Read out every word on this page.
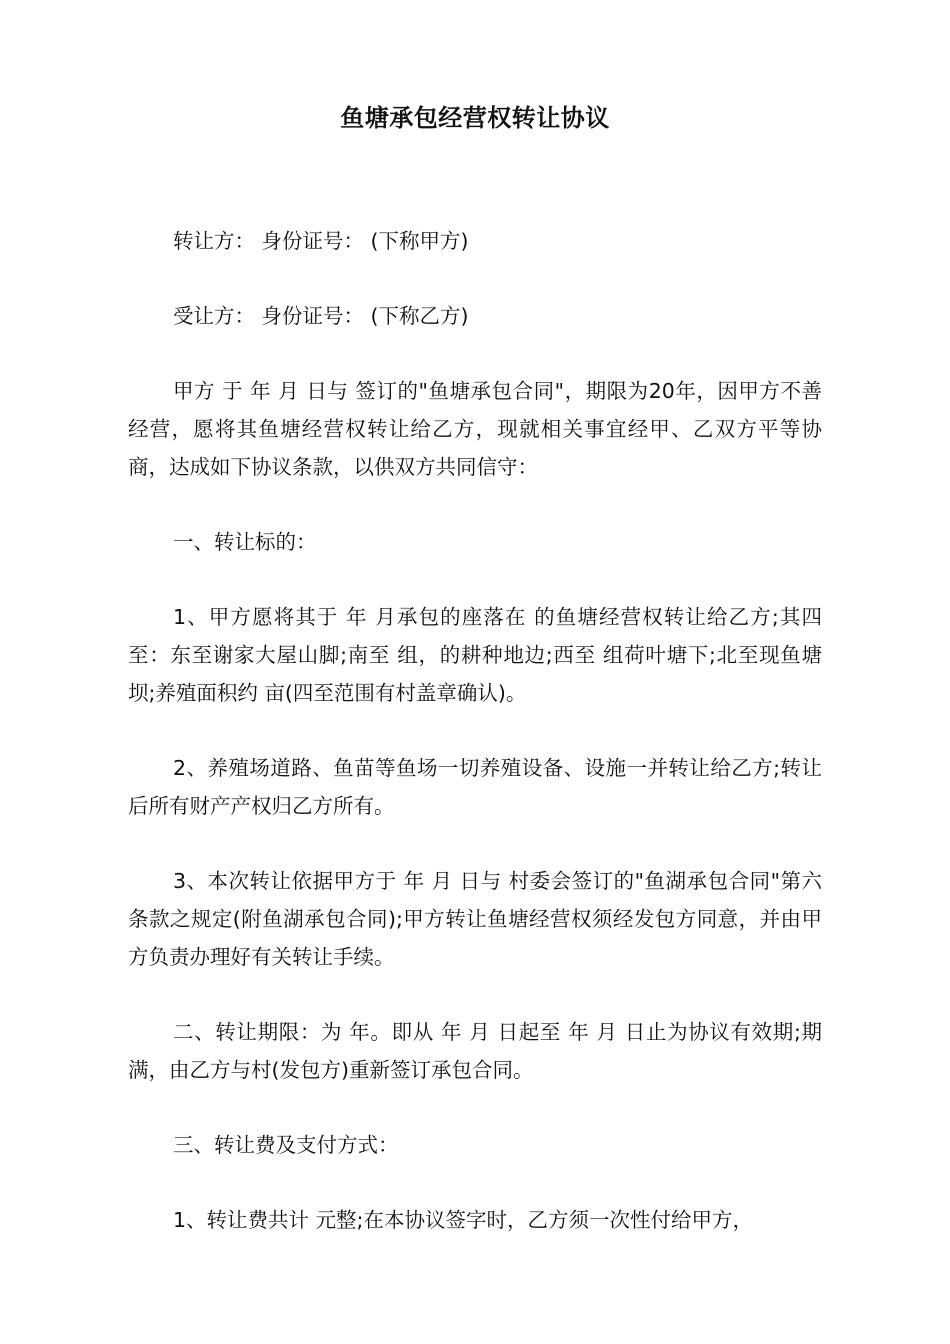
鱼塘承包经营权转让协议

转让方： 身份证号： (下称甲方)

受让方： 身份证号： (下称乙方)

甲方 于 年 月 日与 签订的"鱼塘承包合同"，期限为20年，因甲方不善经营，愿将其鱼塘经营权转让给乙方，现就相关事宜经甲、乙双方平等协商，达成如下协议条款，以供双方共同信守：

一、转让标的：

1、甲方愿将其于 年 月承包的座落在 的鱼塘经营权转让给乙方;其四至：东至谢家大屋山脚;南至 组，的耕种地边;西至 组荷叶塘下;北至现鱼塘坝;养殖面积约 亩(四至范围有村盖章确认)。

2、养殖场道路、鱼苗等鱼场一切养殖设备、设施一并转让给乙方;转让后所有财产产权归乙方所有。

3、本次转让依据甲方于 年 月 日与 村委会签订的"鱼湖承包合同"第六条款之规定(附鱼湖承包合同);甲方转让鱼塘经营权须经发包方同意，并由甲方负责办理好有关转让手续。

二、转让期限：为 年。即从 年 月 日起至 年 月 日止为协议有效期;期满，由乙方与村(发包方)重新签订承包合同。

三、转让费及支付方式：

1、转让费共计 元整;在本协议签字时，乙方须一次性付给甲方，
